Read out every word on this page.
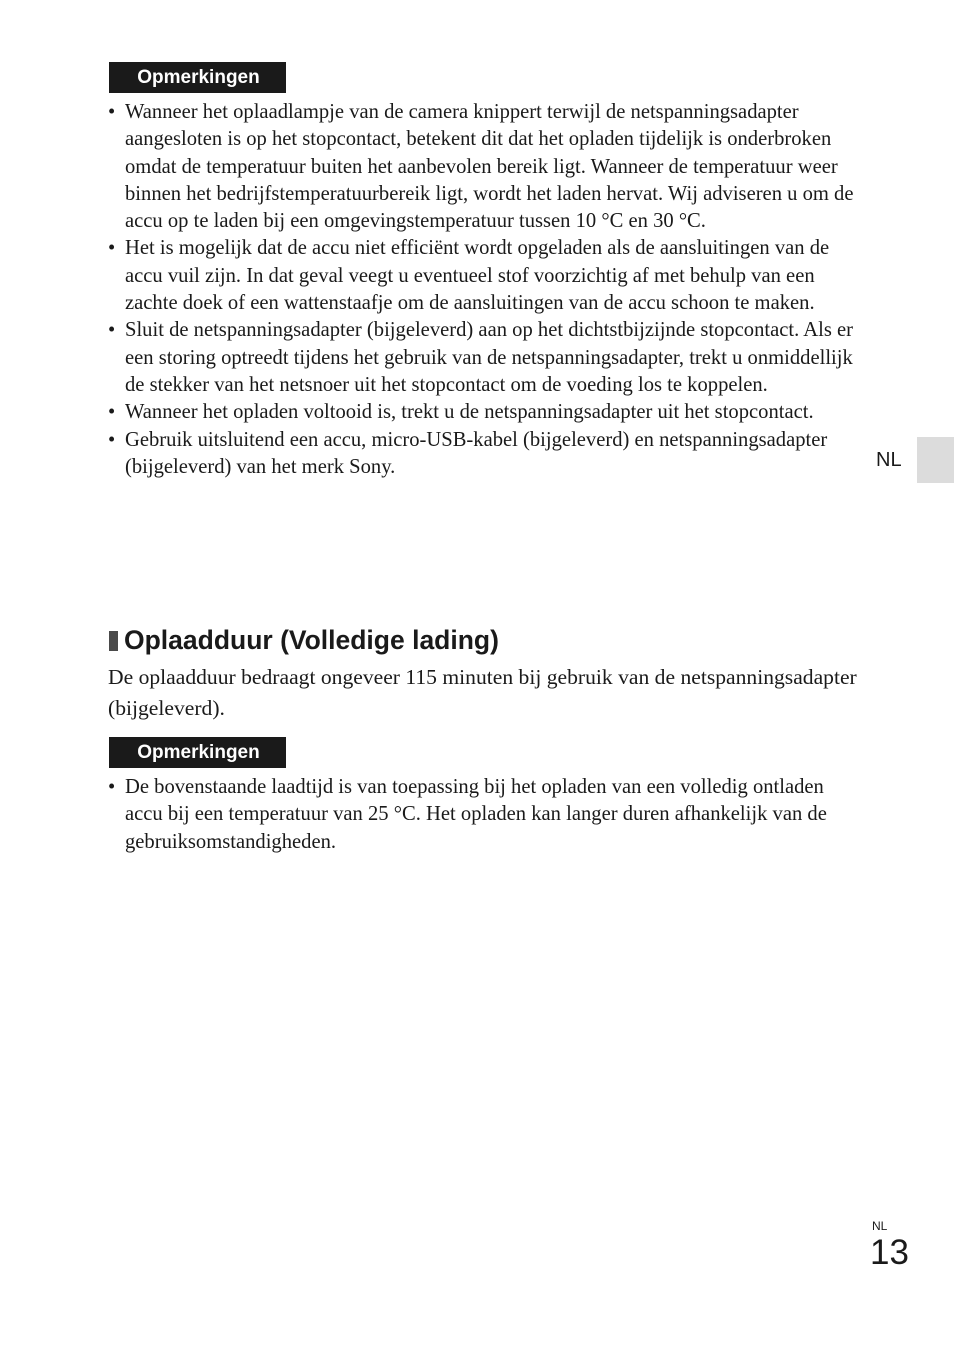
Opmerkingen
• Wanneer het oplaadlampje van de camera knippert terwijl de netspanningsadapter aangesloten is op het stopcontact, betekent dit dat het opladen tijdelijk is onderbroken omdat de temperatuur buiten het aanbevolen bereik ligt. Wanneer de temperatuur weer binnen het bedrijfstemperatuurbereik ligt, wordt het laden hervat. Wij adviseren u om de accu op te laden bij een omgevingstemperatuur tussen 10 °C en 30 °C.
• Het is mogelijk dat de accu niet efficiënt wordt opgeladen als de aansluitingen van de accu vuil zijn. In dat geval veegt u eventueel stof voorzichtig af met behulp van een zachte doek of een wattenstaafje om de aansluitingen van de accu schoon te maken.
• Sluit de netspanningsadapter (bijgeleverd) aan op het dichtstbijzijnde stopcontact. Als er een storing optreedt tijdens het gebruik van de netspanningsadapter, trekt u onmiddellijk de stekker van het netsnoer uit het stopcontact om de voeding los te koppelen.
• Wanneer het opladen voltooid is, trekt u de netspanningsadapter uit het stopcontact.
• Gebruik uitsluitend een accu, micro-USB-kabel (bijgeleverd) en netspanningsadapter (bijgeleverd) van het merk Sony.
Oplaadduur (Volledige lading)

De oplaadduur bedraagt ongeveer 115 minuten bij gebruik van de netspanningsadapter (bijgeleverd).

Opmerkingen
• De bovenstaande laadtijd is van toepassing bij het opladen van een volledig ontladen accu bij een temperatuur van 25 °C. Het opladen kan langer duren afhankelijk van de gebruiksomstandigheden.
NL
NL
13
